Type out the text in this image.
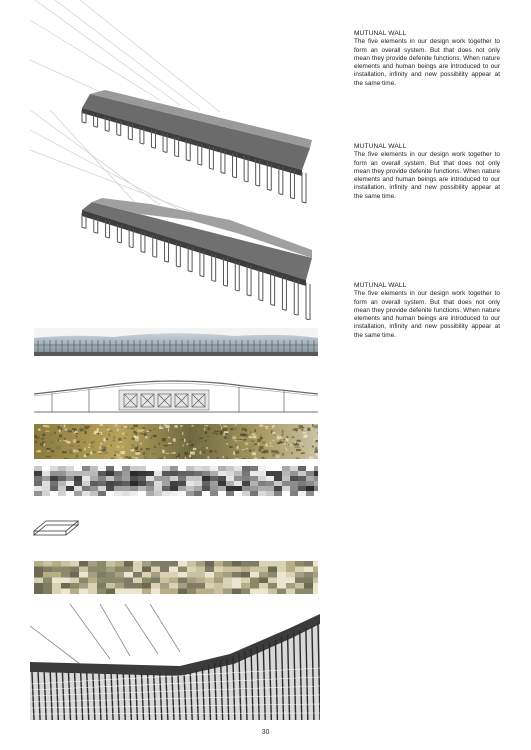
MUTUNAL WALL
The five elements in our design work together to form an overall system. But that does not only mean they provide defenite functions. When nature elements and human beings are introduced to our installation, infinity and new possibility appear at the same time.
MUTUNAL WALL
The five elements in our design work together to form an overall system. But that does not only mean they provide defenite functions. When nature elements and human beings are introduced to our installation, infinity and new possibility appear at the same time.
MUTUNAL WALL
The five elements in our design work together to form an overall system. But that does not only mean they provide defenite functions. When nature elements and human beings are introduced to our installation, infinity and new possibility appear at the same time.
30
